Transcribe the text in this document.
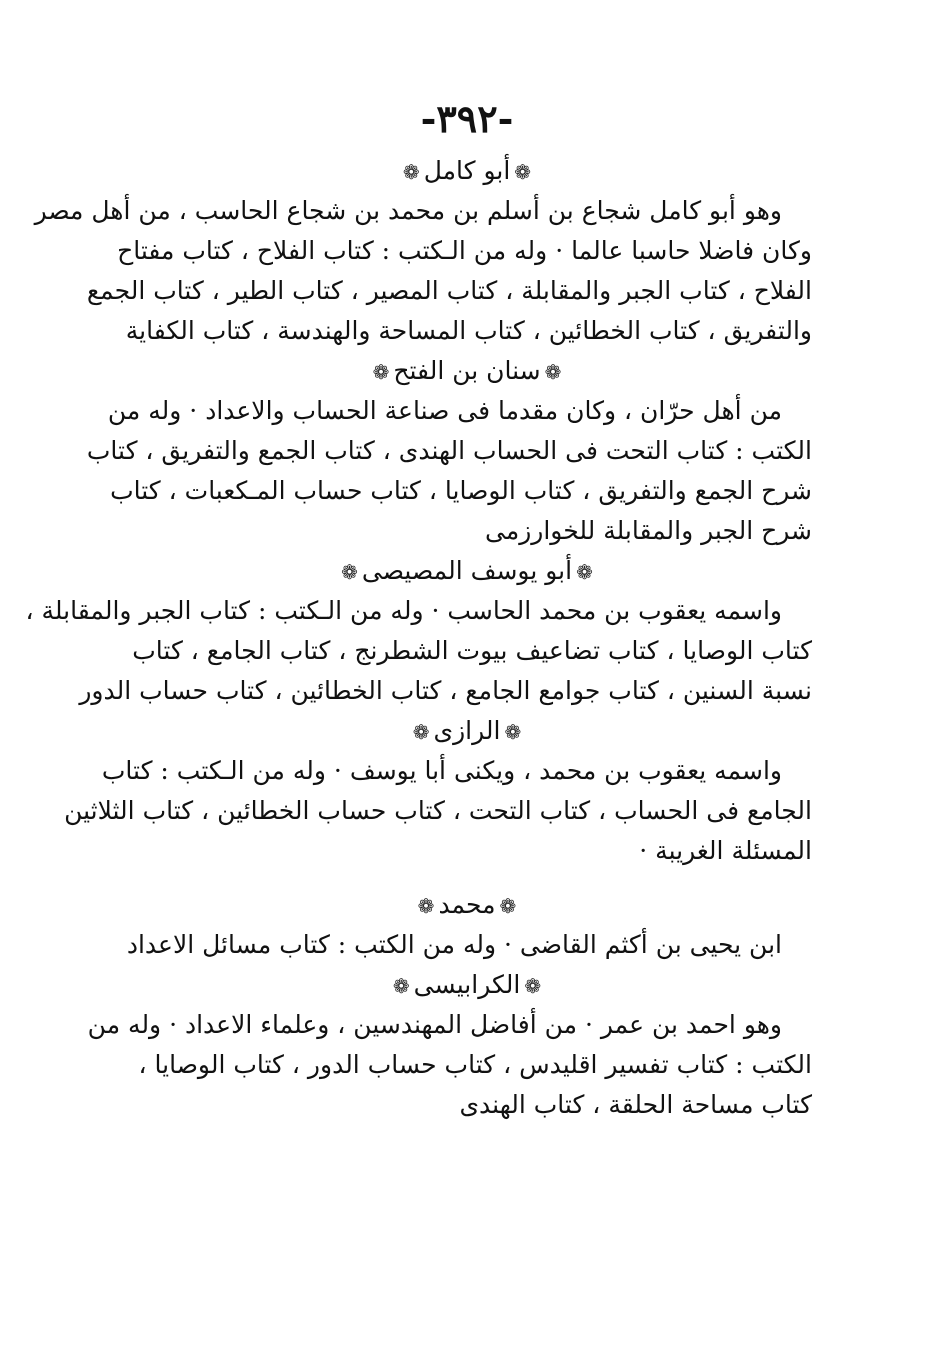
-٣٩٢-
❁أبو كامل❁
وهو أبو كامل شجاع بن أسلم بن محمد بن شجاع الحاسب ، من أهل مصر
وكان فاضلا حاسبا عالما · وله من الـكتب : كتاب الفلاح ، كتاب مفتاح
الفلاح ، كتاب الجبر والمقابلة ، كتاب المصير ، كتاب الطير ، كتاب الجمع
والتفريق ، كتاب الخطائين ، كتاب المساحة والهندسة ، كتاب الكفاية
❁سنان بن الفتح❁
من أهل حرّان ، وكان مقدما فى صناعة الحساب والاعداد · وله من
الكتب : كتاب التحت فى الحساب الهندى ، كتاب الجمع والتفريق ، كتاب
شرح الجمع والتفريق ، كتاب الوصايا ، كتاب حساب المـكعبات ، كتاب
شرح الجبر والمقابلة للخوارزمى
❁أبو يوسف المصيصى❁
واسمه يعقوب بن محمد الحاسب · وله من الـكتب : كتاب الجبر والمقابلة ،
كتاب الوصايا ، كتاب تضاعيف بيوت الشطرنج ، كتاب الجامع ، كتاب
نسبة السنين ، كتاب جوامع الجامع ، كتاب الخطائين ، كتاب حساب الدور
❁الرازى❁
واسمه يعقوب بن محمد ، ويكنى أبا يوسف · وله من الـكتب : كتاب
الجامع فى الحساب ، كتاب التحت ، كتاب حساب الخطائين ، كتاب الثلاثين
المسئلة الغريبة ·
❁محمد❁
ابن يحيى بن أكثم القاضى · وله من الكتب : كتاب مسائل الاعداد
❁الكرابيسى❁
وهو احمد بن عمر · من أفاضل المهندسين ، وعلماء الاعداد · وله من
الكتب : كتاب تفسير اقليدس ، كتاب حساب الدور ، كتاب الوصايا ،
كتاب مساحة الحلقة ، كتاب الهندى
